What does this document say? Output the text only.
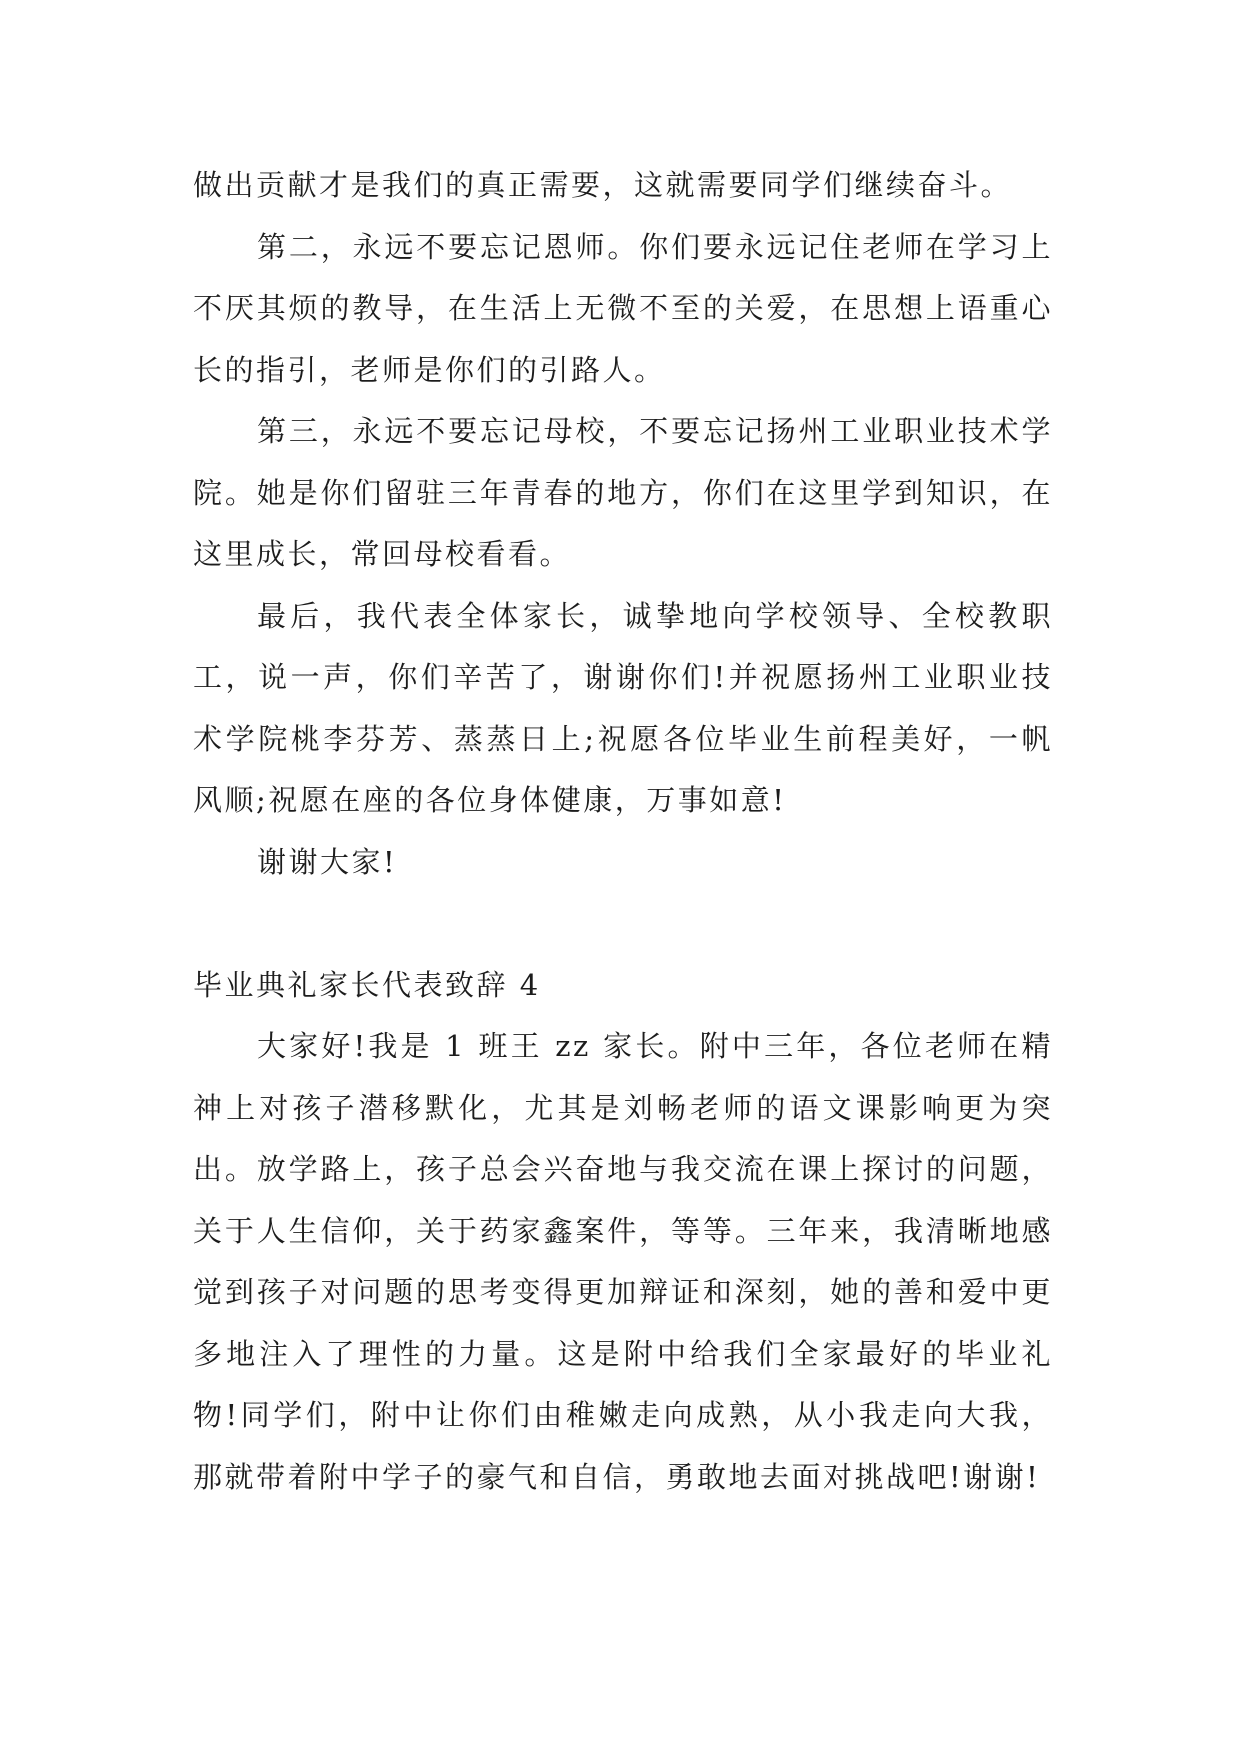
做出贡献才是我们的真正需要，这就需要同学们继续奋斗。

第二，永远不要忘记恩师。你们要永远记住老师在学习上不厌其烦的教导，在生活上无微不至的关爱，在思想上语重心长的指引，老师是你们的引路人。

第三，永远不要忘记母校，不要忘记扬州工业职业技术学院。她是你们留驻三年青春的地方，你们在这里学到知识，在这里成长，常回母校看看。

最后，我代表全体家长，诚挚地向学校领导、全校教职工，说一声，你们辛苦了，谢谢你们!并祝愿扬州工业职业技术学院桃李芬芳、蒸蒸日上;祝愿各位毕业生前程美好，一帆风顺;祝愿在座的各位身体健康，万事如意!

谢谢大家!

毕业典礼家长代表致辞 4

大家好!我是 1 班王 zz 家长。附中三年，各位老师在精神上对孩子潜移默化，尤其是刘畅老师的语文课影响更为突出。放学路上，孩子总会兴奋地与我交流在课上探讨的问题，关于人生信仰，关于药家鑫案件，等等。三年来，我清晰地感觉到孩子对问题的思考变得更加辩证和深刻，她的善和爱中更多地注入了理性的力量。这是附中给我们全家最好的毕业礼物!同学们，附中让你们由稚嫩走向成熟，从小我走向大我，那就带着附中学子的豪气和自信，勇敢地去面对挑战吧!谢谢!
